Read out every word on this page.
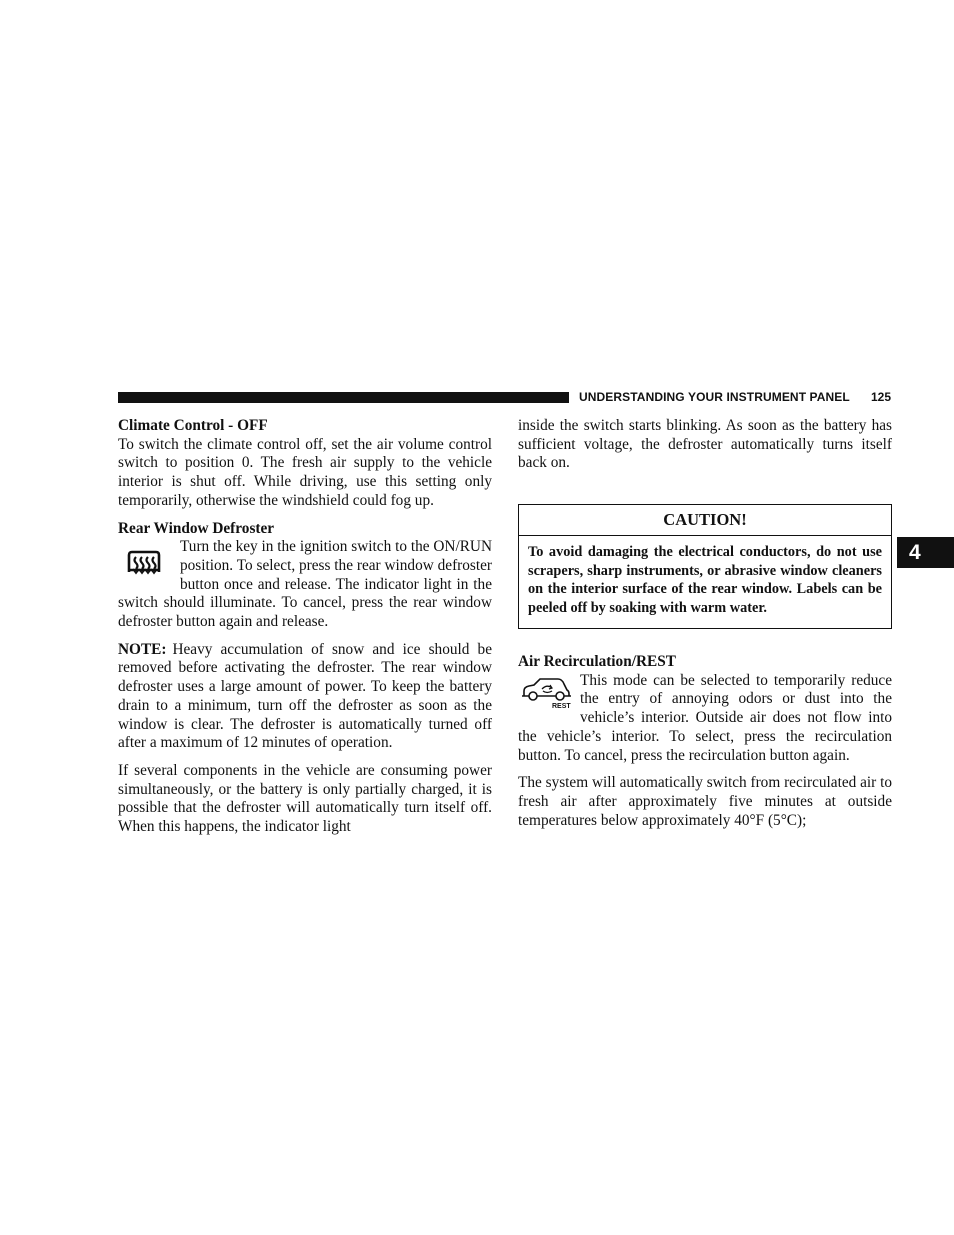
UNDERSTANDING YOUR INSTRUMENT PANEL 125
4

Climate Control - OFF

To switch the climate control off, set the air volume control switch to position 0. The fresh air supply to the vehicle interior is shut off. While driving, use this setting only temporarily, otherwise the windshield could fog up.

Rear Window Defroster

Turn the key in the ignition switch to the ON/RUN position. To select, press the rear window defroster button once and release. The indicator light in the switch should illuminate. To cancel, press the rear window defroster button again and release.

NOTE: Heavy accumulation of snow and ice should be removed before activating the defroster. The rear window defroster uses a large amount of power. To keep the battery drain to a minimum, turn off the defroster as soon as the window is clear. The defroster is automatically turned off after a maximum of 12 minutes of operation.

If several components in the vehicle are consuming power simultaneously, or the battery is only partially charged, it is possible that the defroster will automatically turn itself off. When this happens, the indicator light

inside the switch starts blinking. As soon as the battery has sufficient voltage, the defroster automatically turns itself back on.

CAUTION!
To avoid damaging the electrical conductors, do not use scrapers, sharp instruments, or abrasive window cleaners on the interior surface of the rear window. Labels can be peeled off by soaking with warm water.

Air Recirculation/REST

REST

This mode can be selected to temporarily reduce the entry of annoying odors or dust into the vehicle’s interior. Outside air does not flow into the vehicle’s interior. To select, press the recirculation button. To cancel, press the recirculation button again.

The system will automatically switch from recirculated air to fresh air after approximately five minutes at outside temperatures below approximately 40°F (5°C);
